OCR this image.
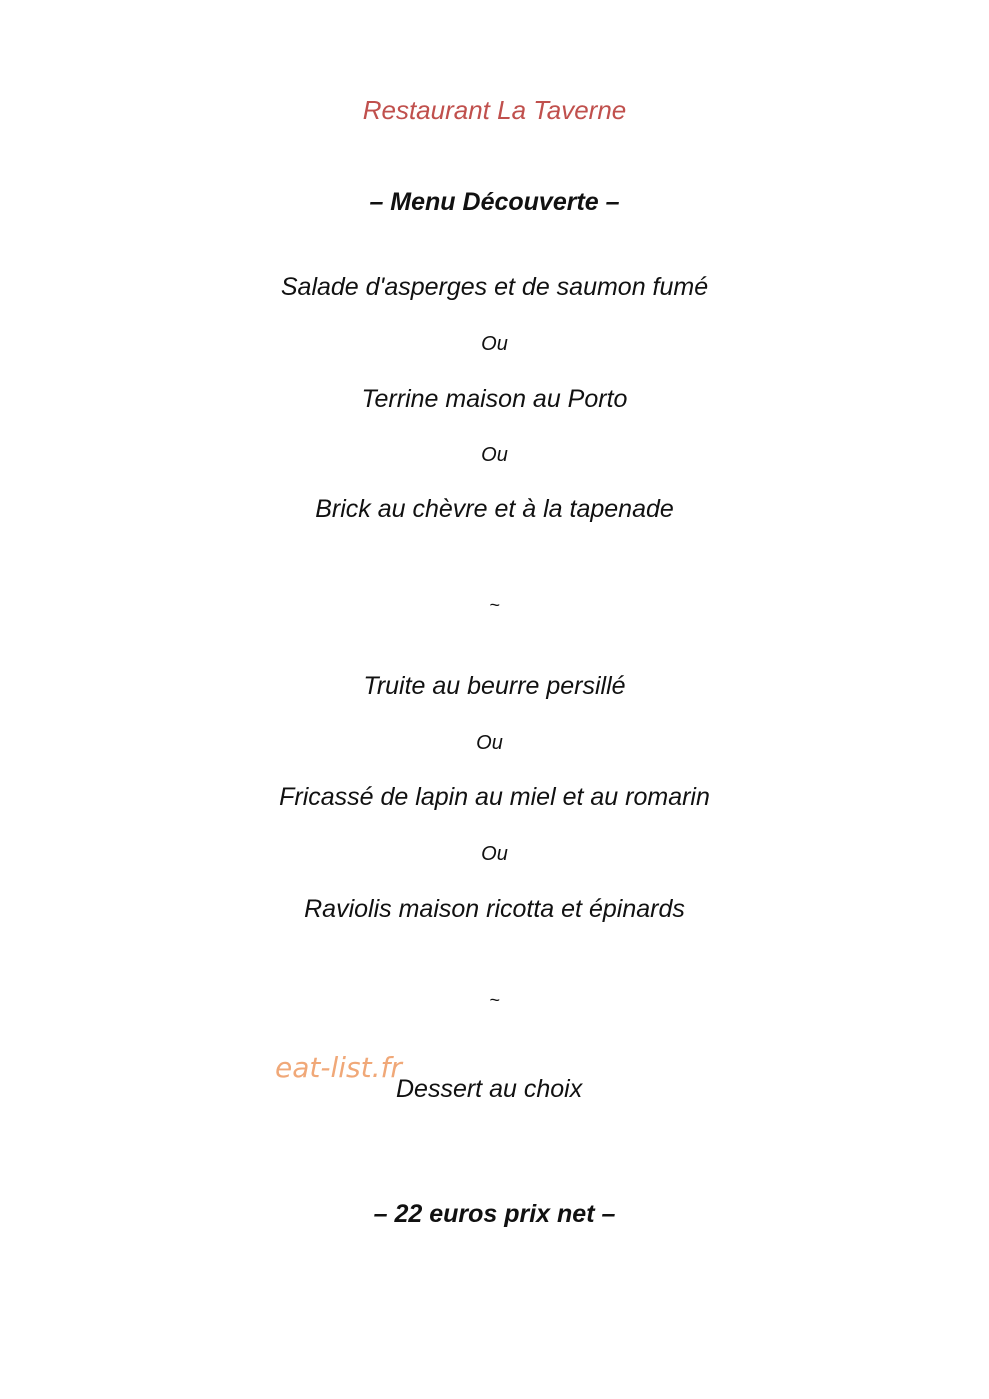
Restaurant La Taverne
– Menu Découverte –
Salade d'asperges et de saumon fumé
Ou
Terrine maison au Porto
Ou
Brick au chèvre et à la tapenade
~
Truite au beurre persillé
Ou
Fricassé de lapin au miel et au romarin
Ou
Raviolis maison ricotta et épinards
~
eat-list.fr
Dessert au choix
– 22 euros prix net –
